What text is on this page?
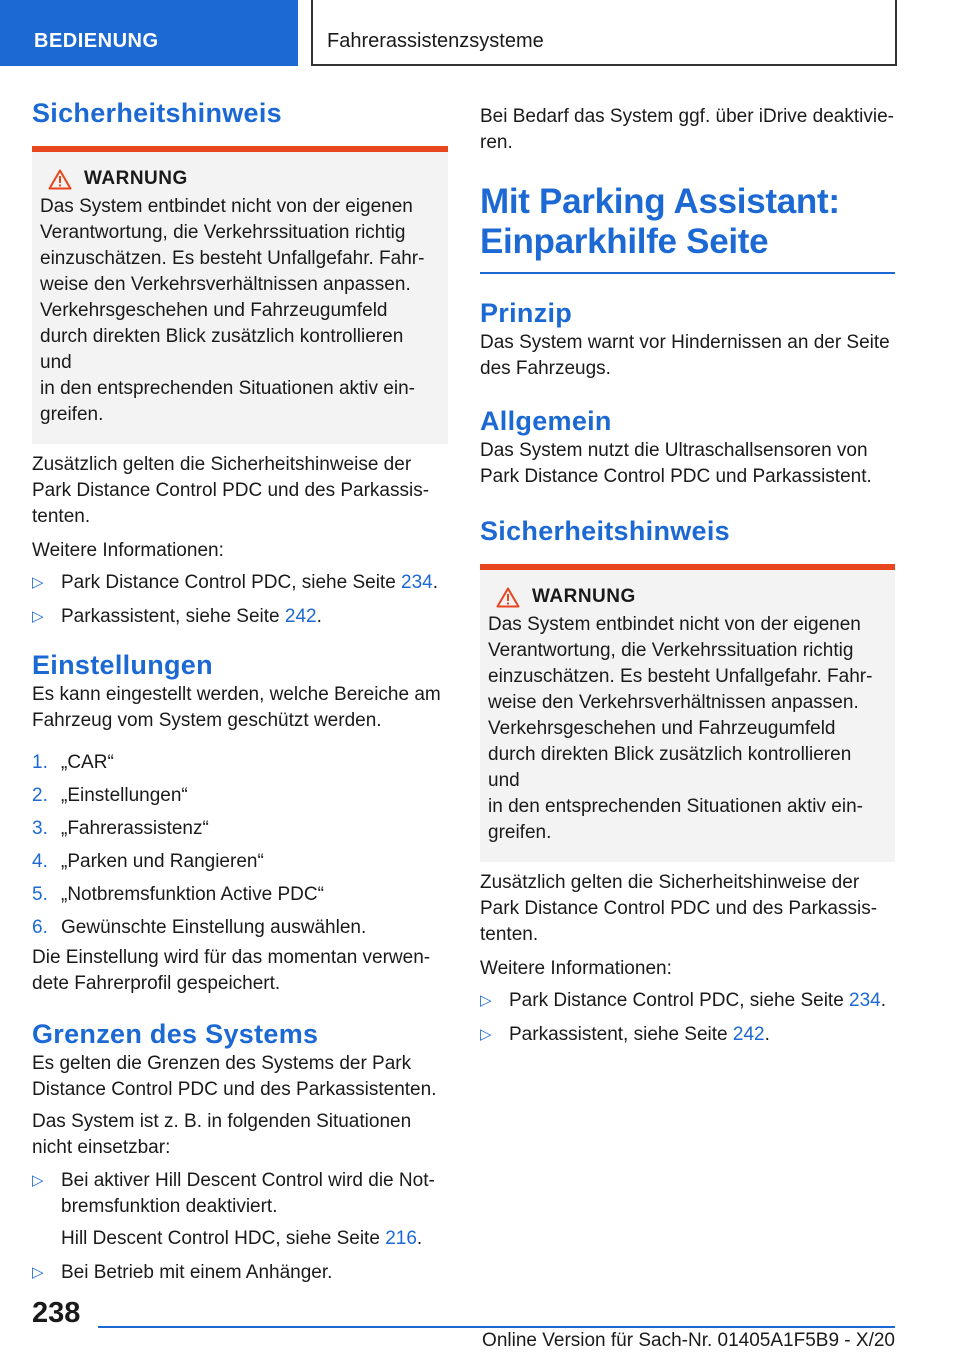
BEDIENUNG	Fahrerassistenzsysteme
Sicherheitshinweis
WARNUNG
Das System entbindet nicht von der eigenen
Verantwortung, die Verkehrssituation richtig
einzuschätzen. Es besteht Unfallgefahr. Fahr‐
weise den Verkehrsverhältnissen anpassen.
Verkehrsgeschehen und Fahrzeugumfeld
durch direkten Blick zusätzlich kontrollieren und
in den entsprechenden Situationen aktiv ein‐
greifen.
Zusätzlich gelten die Sicherheitshinweise der
Park Distance Control PDC und des Parkassis‐
tenten.
Weitere Informationen:
▷ Park Distance Control PDC, siehe Seite 234.
▷ Parkassistent, siehe Seite 242.
Einstellungen
Es kann eingestellt werden, welche Bereiche am
Fahrzeug vom System geschützt werden.
1. „CAR“
2. „Einstellungen“
3. „Fahrerassistenz“
4. „Parken und Rangieren“
5. „Notbremsfunktion Active PDC“
6. Gewünschte Einstellung auswählen.
Die Einstellung wird für das momentan verwen‐
dete Fahrerprofil gespeichert.
Grenzen des Systems
Es gelten die Grenzen des Systems der Park
Distance Control PDC und des Parkassistenten.
Das System ist z. B. in folgenden Situationen
nicht einsetzbar:
▷ Bei aktiver Hill Descent Control wird die Not‐
bremsfunktion deaktiviert.
Hill Descent Control HDC, siehe Seite 216.
▷ Bei Betrieb mit einem Anhänger.
Bei Bedarf das System ggf. über iDrive deaktivie‐
ren.
Mit Parking Assistant:
Einparkhilfe Seite
Prinzip
Das System warnt vor Hindernissen an der Seite
des Fahrzeugs.
Allgemein
Das System nutzt die Ultraschallsensoren von
Park Distance Control PDC und Parkassistent.
Sicherheitshinweis
WARNUNG
Das System entbindet nicht von der eigenen
Verantwortung, die Verkehrssituation richtig
einzuschätzen. Es besteht Unfallgefahr. Fahr‐
weise den Verkehrsverhältnissen anpassen.
Verkehrsgeschehen und Fahrzeugumfeld
durch direkten Blick zusätzlich kontrollieren und
in den entsprechenden Situationen aktiv ein‐
greifen.
Zusätzlich gelten die Sicherheitshinweise der
Park Distance Control PDC und des Parkassis‐
tenten.
Weitere Informationen:
▷ Park Distance Control PDC, siehe Seite 234.
▷ Parkassistent, siehe Seite 242.
238
Online Version für Sach-Nr. 01405A1F5B9 - X/20
